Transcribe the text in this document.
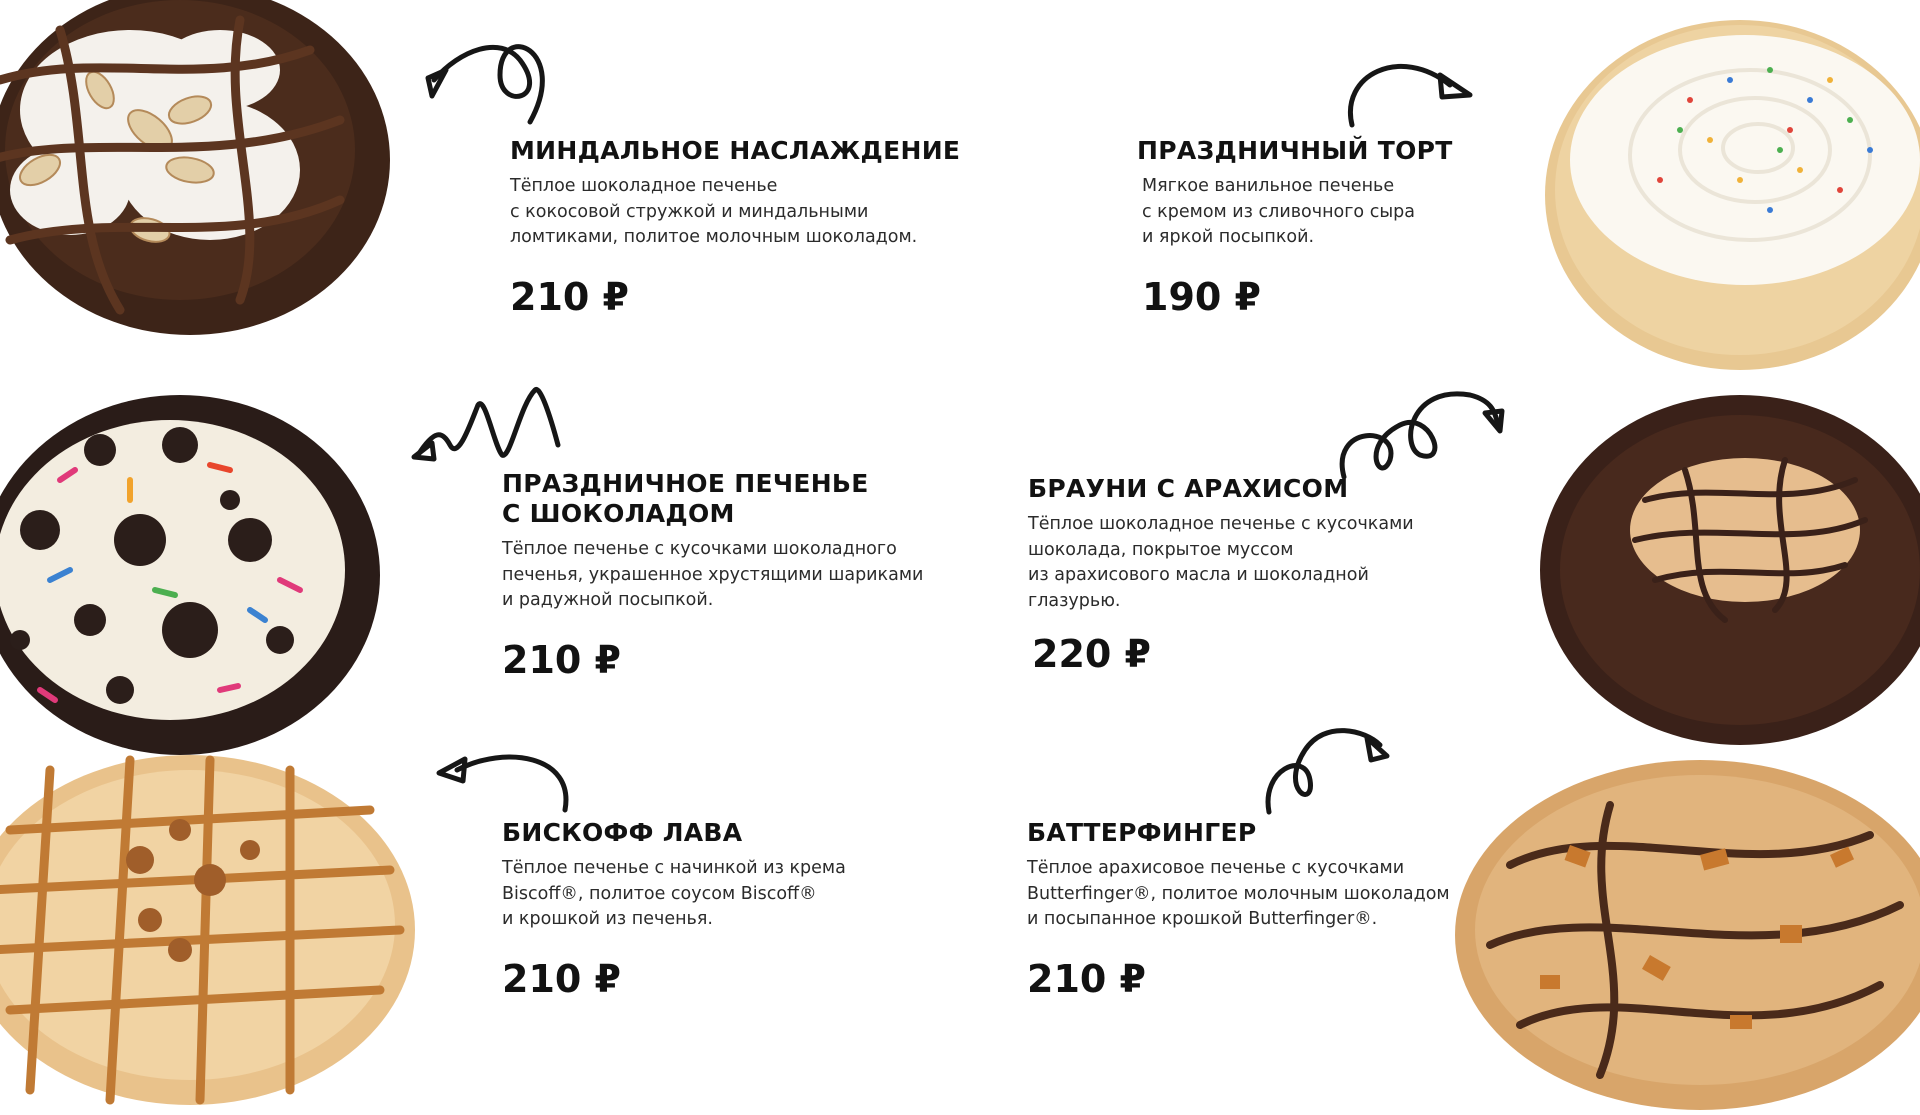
МИНДАЛЬНОЕ НАСЛАЖДЕНИЕ
Тёплое шоколадное печенье
с кокосовой стружкой и миндальными
ломтиками, политое молочным шоколадом.
210 ₽
ПРАЗДНИЧНЫЙ ТОРТ
Мягкое ванильное печенье
с кремом из сливочного сыра
и яркой посыпкой.
190 ₽
ПРАЗДНИЧНОЕ ПЕЧЕНЬЕ
С ШОКОЛАДОМ
Тёплое печенье с кусочками шоколадного
печенья, украшенное хрустящими шариками
и радужной посыпкой.
210 ₽
БРАУНИ С АРАХИСОМ
Тёплое шоколадное печенье с кусочками
шоколада, покрытое муссом
из арахисового масла и шоколадной
глазурью.
220 ₽
БИСКОФФ ЛАВА
Тёплое печенье с начинкой из крема
Biscoff®, политое соусом Biscoff®
и крошкой из печенья.
210 ₽
БАТТЕРФИНГЕР
Тёплое арахисовое печенье с кусочками
Butterfinger®, политое молочным шоколадом
и посыпанное крошкой Butterfinger®.
210 ₽
